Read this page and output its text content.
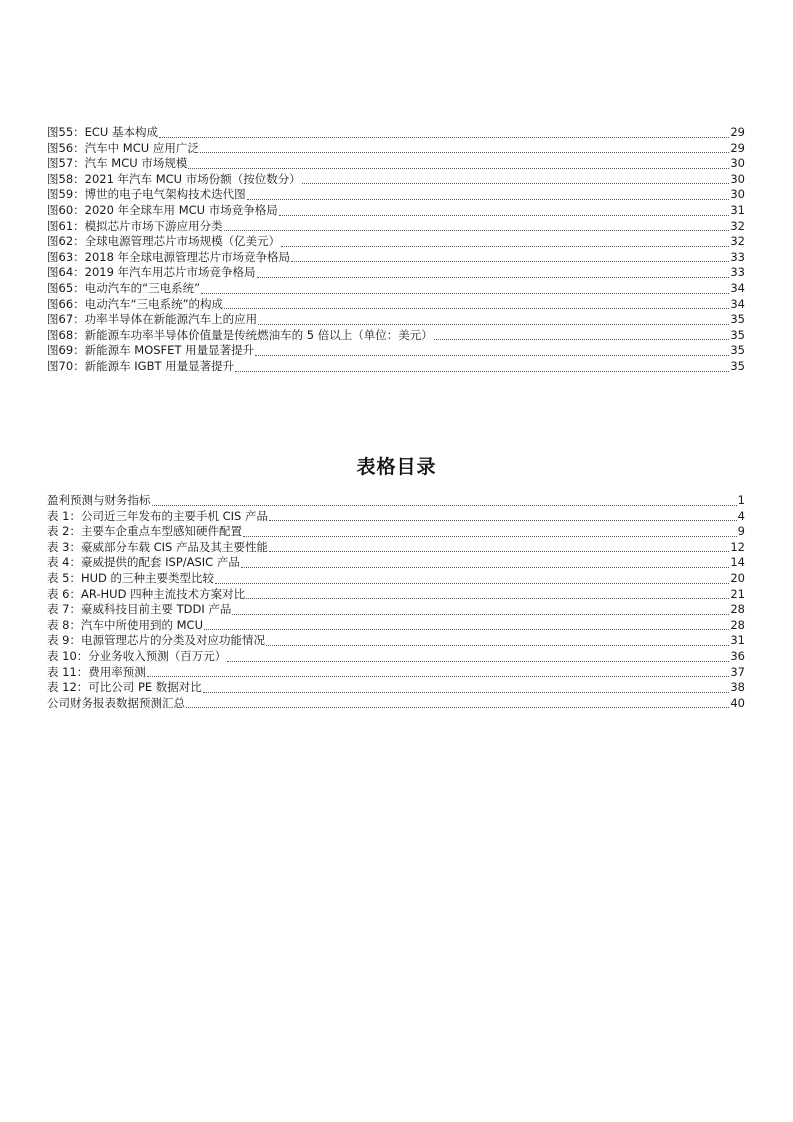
图55：ECU 基本构成	29
图56：汽车中 MCU 应用广泛	29
图57：汽车 MCU 市场规模	30
图58：2021 年汽车 MCU 市场份额（按位数分）	30
图59：博世的电子电气架构技术迭代图	30
图60：2020 年全球车用 MCU 市场竞争格局	31
图61：模拟芯片市场下游应用分类	32
图62：全球电源管理芯片市场规模（亿美元）	32
图63：2018 年全球电源管理芯片市场竞争格局	33
图64：2019 年汽车用芯片市场竞争格局	33
图65：电动汽车的“三电系统”	34
图66：电动汽车“三电系统”的构成	34
图67：功率半导体在新能源汽车上的应用	35
图68：新能源车功率半导体价值量是传统燃油车的 5 倍以上（单位：美元）	35
图69：新能源车 MOSFET 用量显著提升	35
图70：新能源车 IGBT 用量显著提升	35
表格目录
盈利预测与财务指标	1
表 1：公司近三年发布的主要手机 CIS 产品	4
表 2：主要车企重点车型感知硬件配置	9
表 3：豪威部分车载 CIS 产品及其主要性能	12
表 4：豪威提供的配套 ISP/ASIC 产品	14
表 5：HUD 的三种主要类型比较	20
表 6：AR-HUD 四种主流技术方案对比	21
表 7：豪威科技目前主要 TDDI 产品	28
表 8：汽车中所使用到的 MCU	28
表 9：电源管理芯片的分类及对应功能情况	31
表 10：分业务收入预测（百万元）	36
表 11：费用率预测	37
表 12：可比公司 PE 数据对比	38
公司财务报表数据预测汇总	40
